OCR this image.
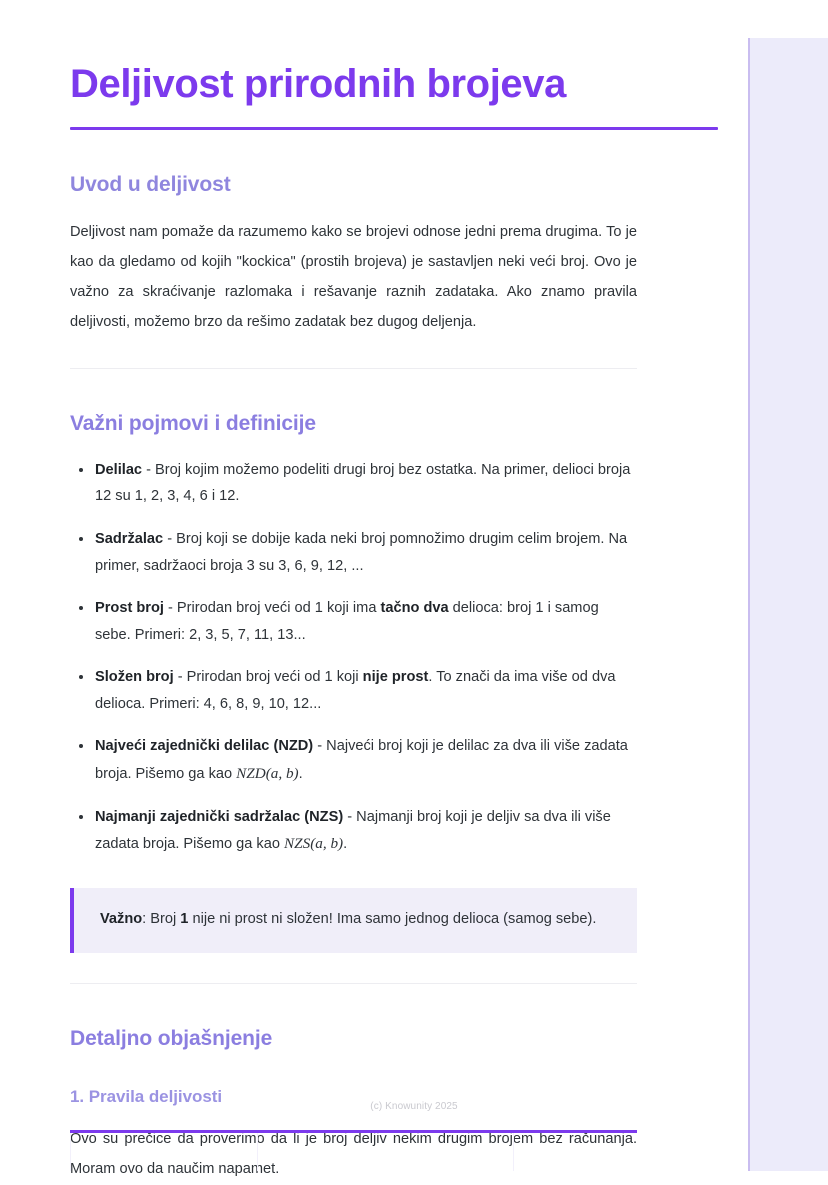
Deljivost prirodnih brojeva
Uvod u deljivost

Deljivost nam pomaže da razumemo kako se brojevi odnose jedni prema drugima. To je kao da gledamo od kojih "kockica" (prostih brojeva) je sastavljen neki veći broj. Ovo je važno za skraćivanje razlomaka i rešavanje raznih zadataka. Ako znamo pravila deljivosti, možemo brzo da rešimo zadatak bez dugog deljenja.

Važni pojmovi i definicije
Delilac - Broj kojim možemo podeliti drugi broj bez ostatka. Na primer, delioci broja 12 su 1, 2, 3, 4, 6 i 12.
Sadržalac - Broj koji se dobije kada neki broj pomnožimo drugim celim brojem. Na primer, sadržaoci broja 3 su 3, 6, 9, 12, ...
Prost broj - Prirodan broj veći od 1 koji ima tačno dva delioca: broj 1 i samog sebe. Primeri: 2, 3, 5, 7, 11, 13...
Složen broj - Prirodan broj veći od 1 koji nije prost. To znači da ima više od dva delioca. Primeri: 4, 6, 8, 9, 10, 12...
Najveći zajednički delilac (NZD) - Najveći broj koji je delilac za dva ili više zadata broja. Pišemo ga kao NZD(a, b).
Najmanji zajednički sadržalac (NZS) - Najmanji broj koji je deljiv sa dva ili više zadata broja. Pišemo ga kao NZS(a, b).

Važno: Broj 1 nije ni prost ni složen! Ima samo jednog delioca (samog sebe).

Detaljno objašnjenje
1. Pravila deljivosti

Ovo su prečice da proverimo da li je broj deljiv nekim drugim brojem bez računanja. Moram ovo da naučim napamet.

(c) Knowunity 2025
